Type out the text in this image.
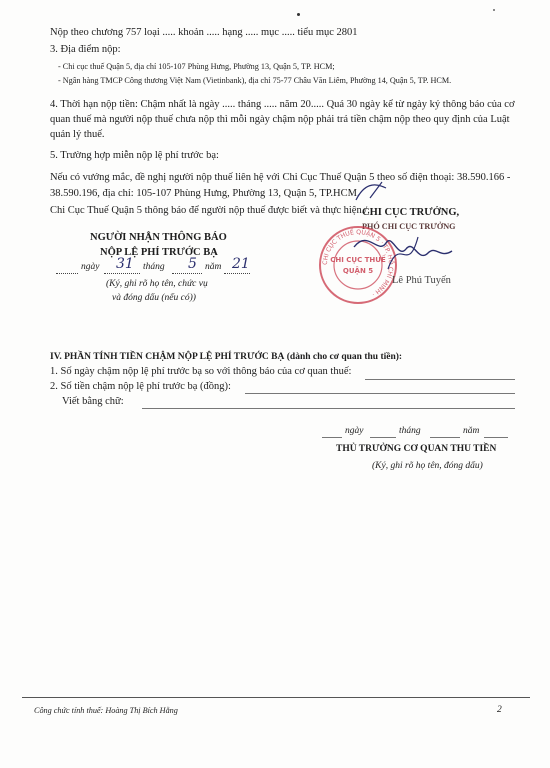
Nộp theo chương 757 loại ..... khoản ..... hạng ..... mục ..... tiểu mục 2801
3. Địa điểm nộp:
- Chi cục thuế Quận 5, địa chỉ 105-107 Phùng Hưng, Phường 13, Quận 5, TP. HCM;
- Ngân hàng TMCP Công thương Việt Nam (Vietinbank), địa chỉ 75-77 Châu Văn Liêm, Phường 14, Quận 5, TP. HCM.
4. Thời hạn nộp tiền: Chậm nhất là ngày ..... tháng ..... năm 20..... Quá 30 ngày kể từ ngày ký thông báo của cơ
quan thuế mà người nộp thuế chưa nộp thì mỗi ngày chậm nộp phải trả tiền chậm nộp theo quy định của Luật
quản lý thuế.
5. Trường hợp miễn nộp lệ phí trước bạ:
Nếu có vướng mắc, đề nghị người nộp thuế liên hệ với Chi Cục Thuế Quận 5 theo số điện thoại: 38.590.166 -
38.590.196, địa chỉ: 105-107 Phùng Hưng, Phường 13, Quận 5, TP.HCM.
Chi Cục Thuế Quận 5 thông báo để người nộp thuế được biết và thực hiện./.
NGƯỜI NHẬN THÔNG BÁO
NỘP LỆ PHÍ TRƯỚC BẠ
ngày 31 tháng 5 năm 21
(Ký, ghi rõ họ tên, chức vụ
và đóng dấu (nếu có))
CHI CỤC TRƯỞNG,
PHÓ CHI CỤC TRƯỞNG
CHI CỤC THUẾ QUẬN 5 · TP. HỒ CHÍ MINH ·
CHI CỤC THUẾ
QUẬN 5
Lê Phú Tuyến
IV. PHẦN TÍNH TIỀN CHẬM NỘP LỆ PHÍ TRƯỚC BẠ (dành cho cơ quan thu tiền):
1. Số ngày chậm nộp lệ phí trước bạ so với thông báo của cơ quan thuế:
2. Số tiền chậm nộp lệ phí trước bạ (đồng):
Viết bằng chữ:
ngày	tháng	năm
THỦ TRƯỞNG CƠ QUAN THU TIỀN
(Ký, ghi rõ họ tên, đóng dấu)
Công chức tính thuế: Hoàng Thị Bích Hằng	2
